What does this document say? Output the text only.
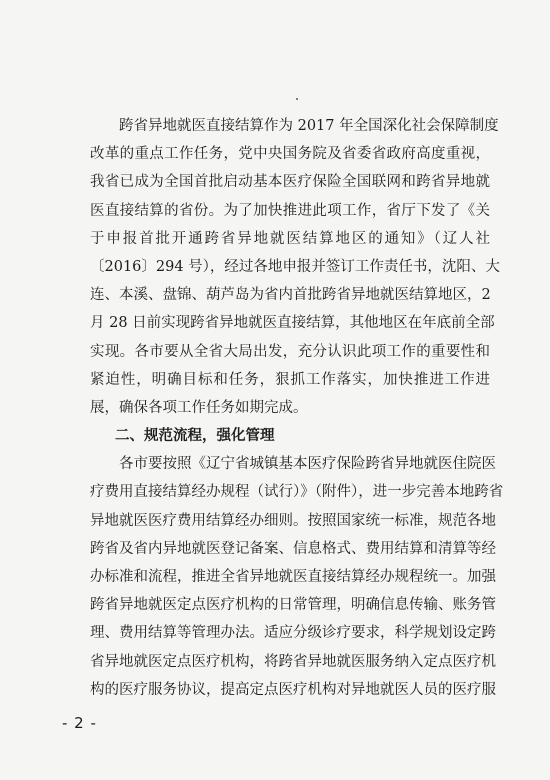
　　跨省异地就医直接结算作为 2017 年全国深化社会保障制度
改革的重点工作任务，党中央国务院及省委省政府高度重视，
我省已成为全国首批启动基本医疗保险全国联网和跨省异地就
医直接结算的省份。为了加快推进此项工作，省厅下发了《关
于申报首批开通跨省异地就医结算地区的通知》（辽人社
〔2016〕294 号），经过各地申报并签订工作责任书，沈阳、大
连、本溪、盘锦、葫芦岛为省内首批跨省异地就医结算地区，2
月 28 日前实现跨省异地就医直接结算，其他地区在年底前全部
实现。各市要从全省大局出发，充分认识此项工作的重要性和
紧迫性，明确目标和任务，狠抓工作落实，加快推进工作进
展，确保各项工作任务如期完成。
二、规范流程，强化管理
　　各市要按照《辽宁省城镇基本医疗保险跨省异地就医住院医
疗费用直接结算经办规程（试行）》（附件），进一步完善本地跨省
异地就医医疗费用结算经办细则。按照国家统一标准，规范各地
跨省及省内异地就医登记备案、信息格式、费用结算和清算等经
办标准和流程，推进全省异地就医直接结算经办规程统一。加强
跨省异地就医定点医疗机构的日常管理，明确信息传输、账务管
理、费用结算等管理办法。适应分级诊疗要求，科学规划设定跨
省异地就医定点医疗机构，将跨省异地就医服务纳入定点医疗机
构的医疗服务协议，提高定点医疗机构对异地就医人员的医疗服
- 2 -
